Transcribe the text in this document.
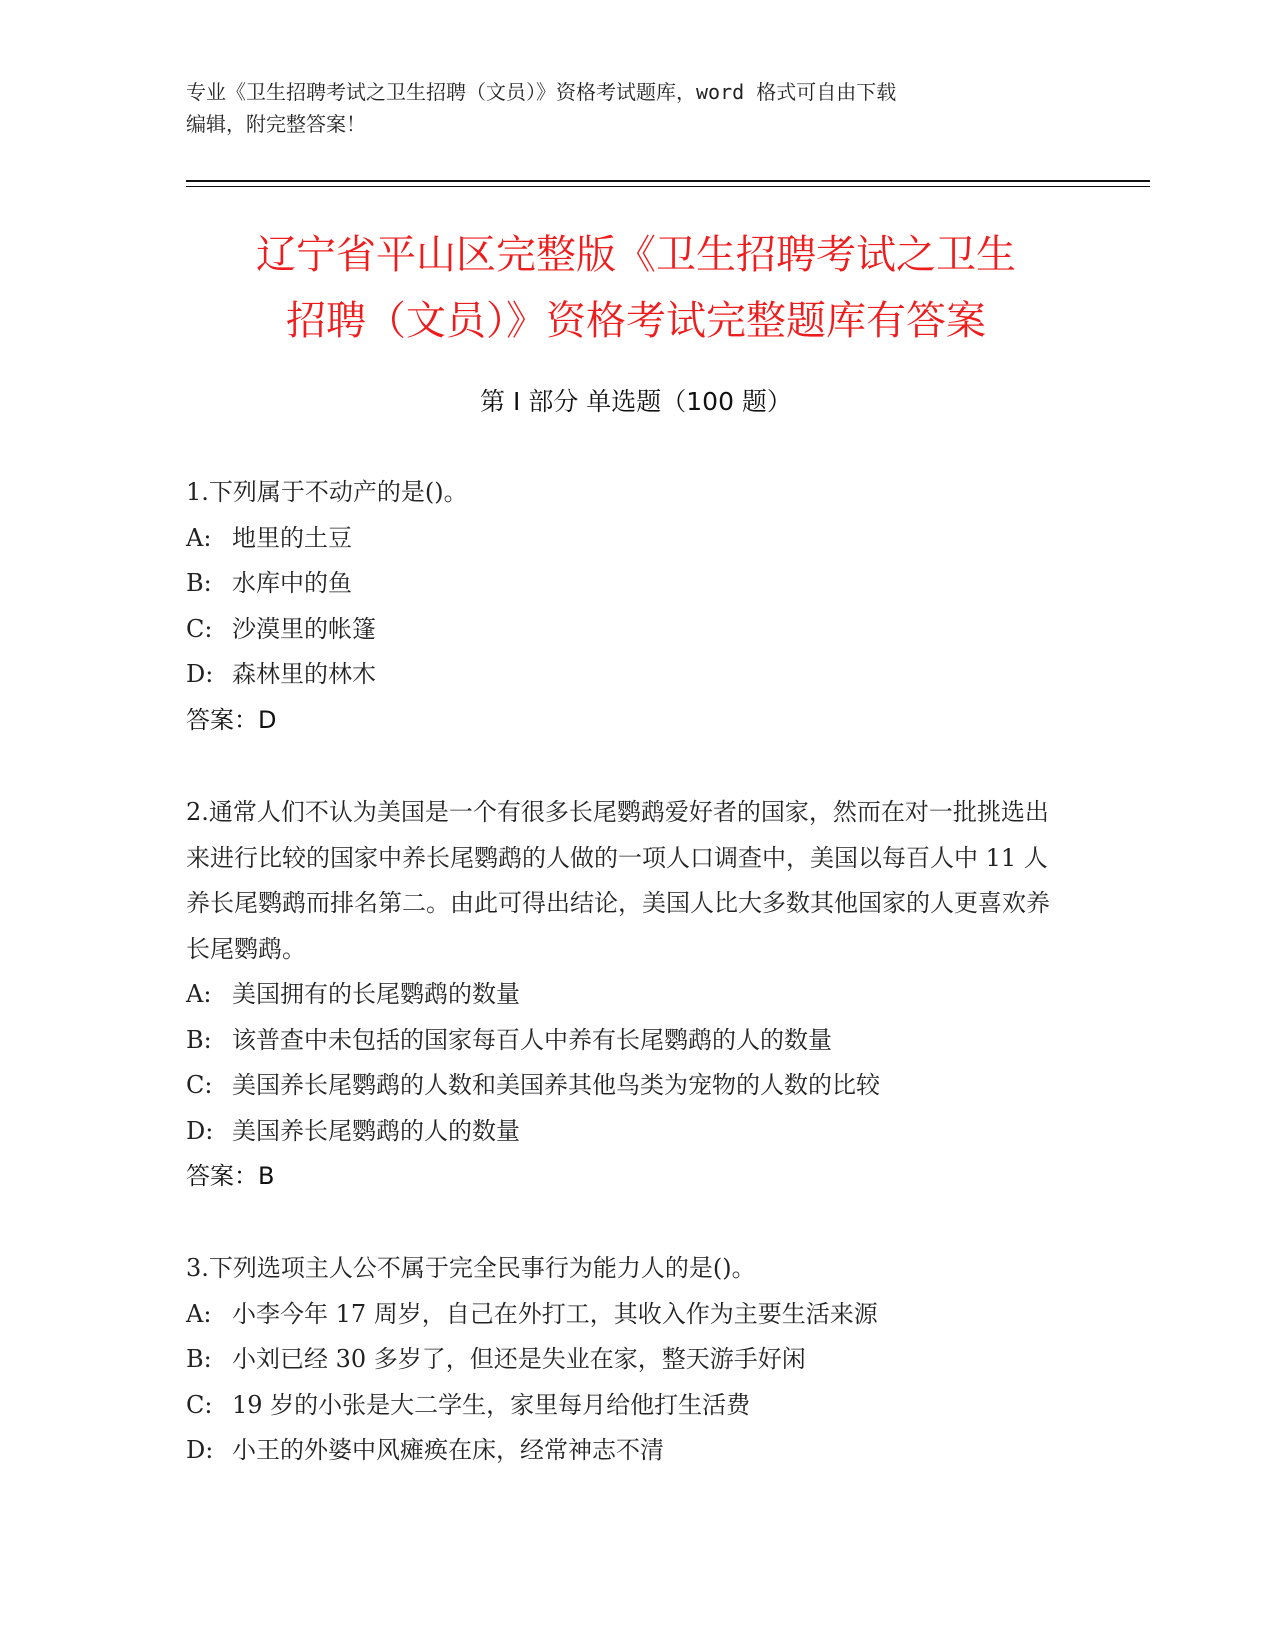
专业《卫生招聘考试之卫生招聘（文员）》资格考试题库，word 格式可自由下载
编辑，附完整答案！
辽宁省平山区完整版《卫生招聘考试之卫生
招聘（文员）》资格考试完整题库有答案
第 I 部分 单选题（100 题）

1.下列属于不动产的是()。

A: 地里的土豆

B: 水库中的鱼

C: 沙漠里的帐篷

D: 森林里的林木

答案：D

2.通常人们不认为美国是一个有很多长尾鹦鹉爱好者的国家，然而在对一批挑选出来进行比较的国家中养长尾鹦鹉的人做的一项人口调查中，美国以每百人中 11 人养长尾鹦鹉而排名第二。由此可得出结论，美国人比大多数其他国家的人更喜欢养长尾鹦鹉。

A: 美国拥有的长尾鹦鹉的数量

B: 该普查中未包括的国家每百人中养有长尾鹦鹉的人的数量

C: 美国养长尾鹦鹉的人数和美国养其他鸟类为宠物的人数的比较

D: 美国养长尾鹦鹉的人的数量

答案：B

3.下列选项主人公不属于完全民事行为能力人的是()。

A: 小李今年 17 周岁，自己在外打工，其收入作为主要生活来源

B: 小刘已经 30 多岁了，但还是失业在家，整天游手好闲

C: 19 岁的小张是大二学生，家里每月给他打生活费

D: 小王的外婆中风瘫痪在床，经常神志不清
